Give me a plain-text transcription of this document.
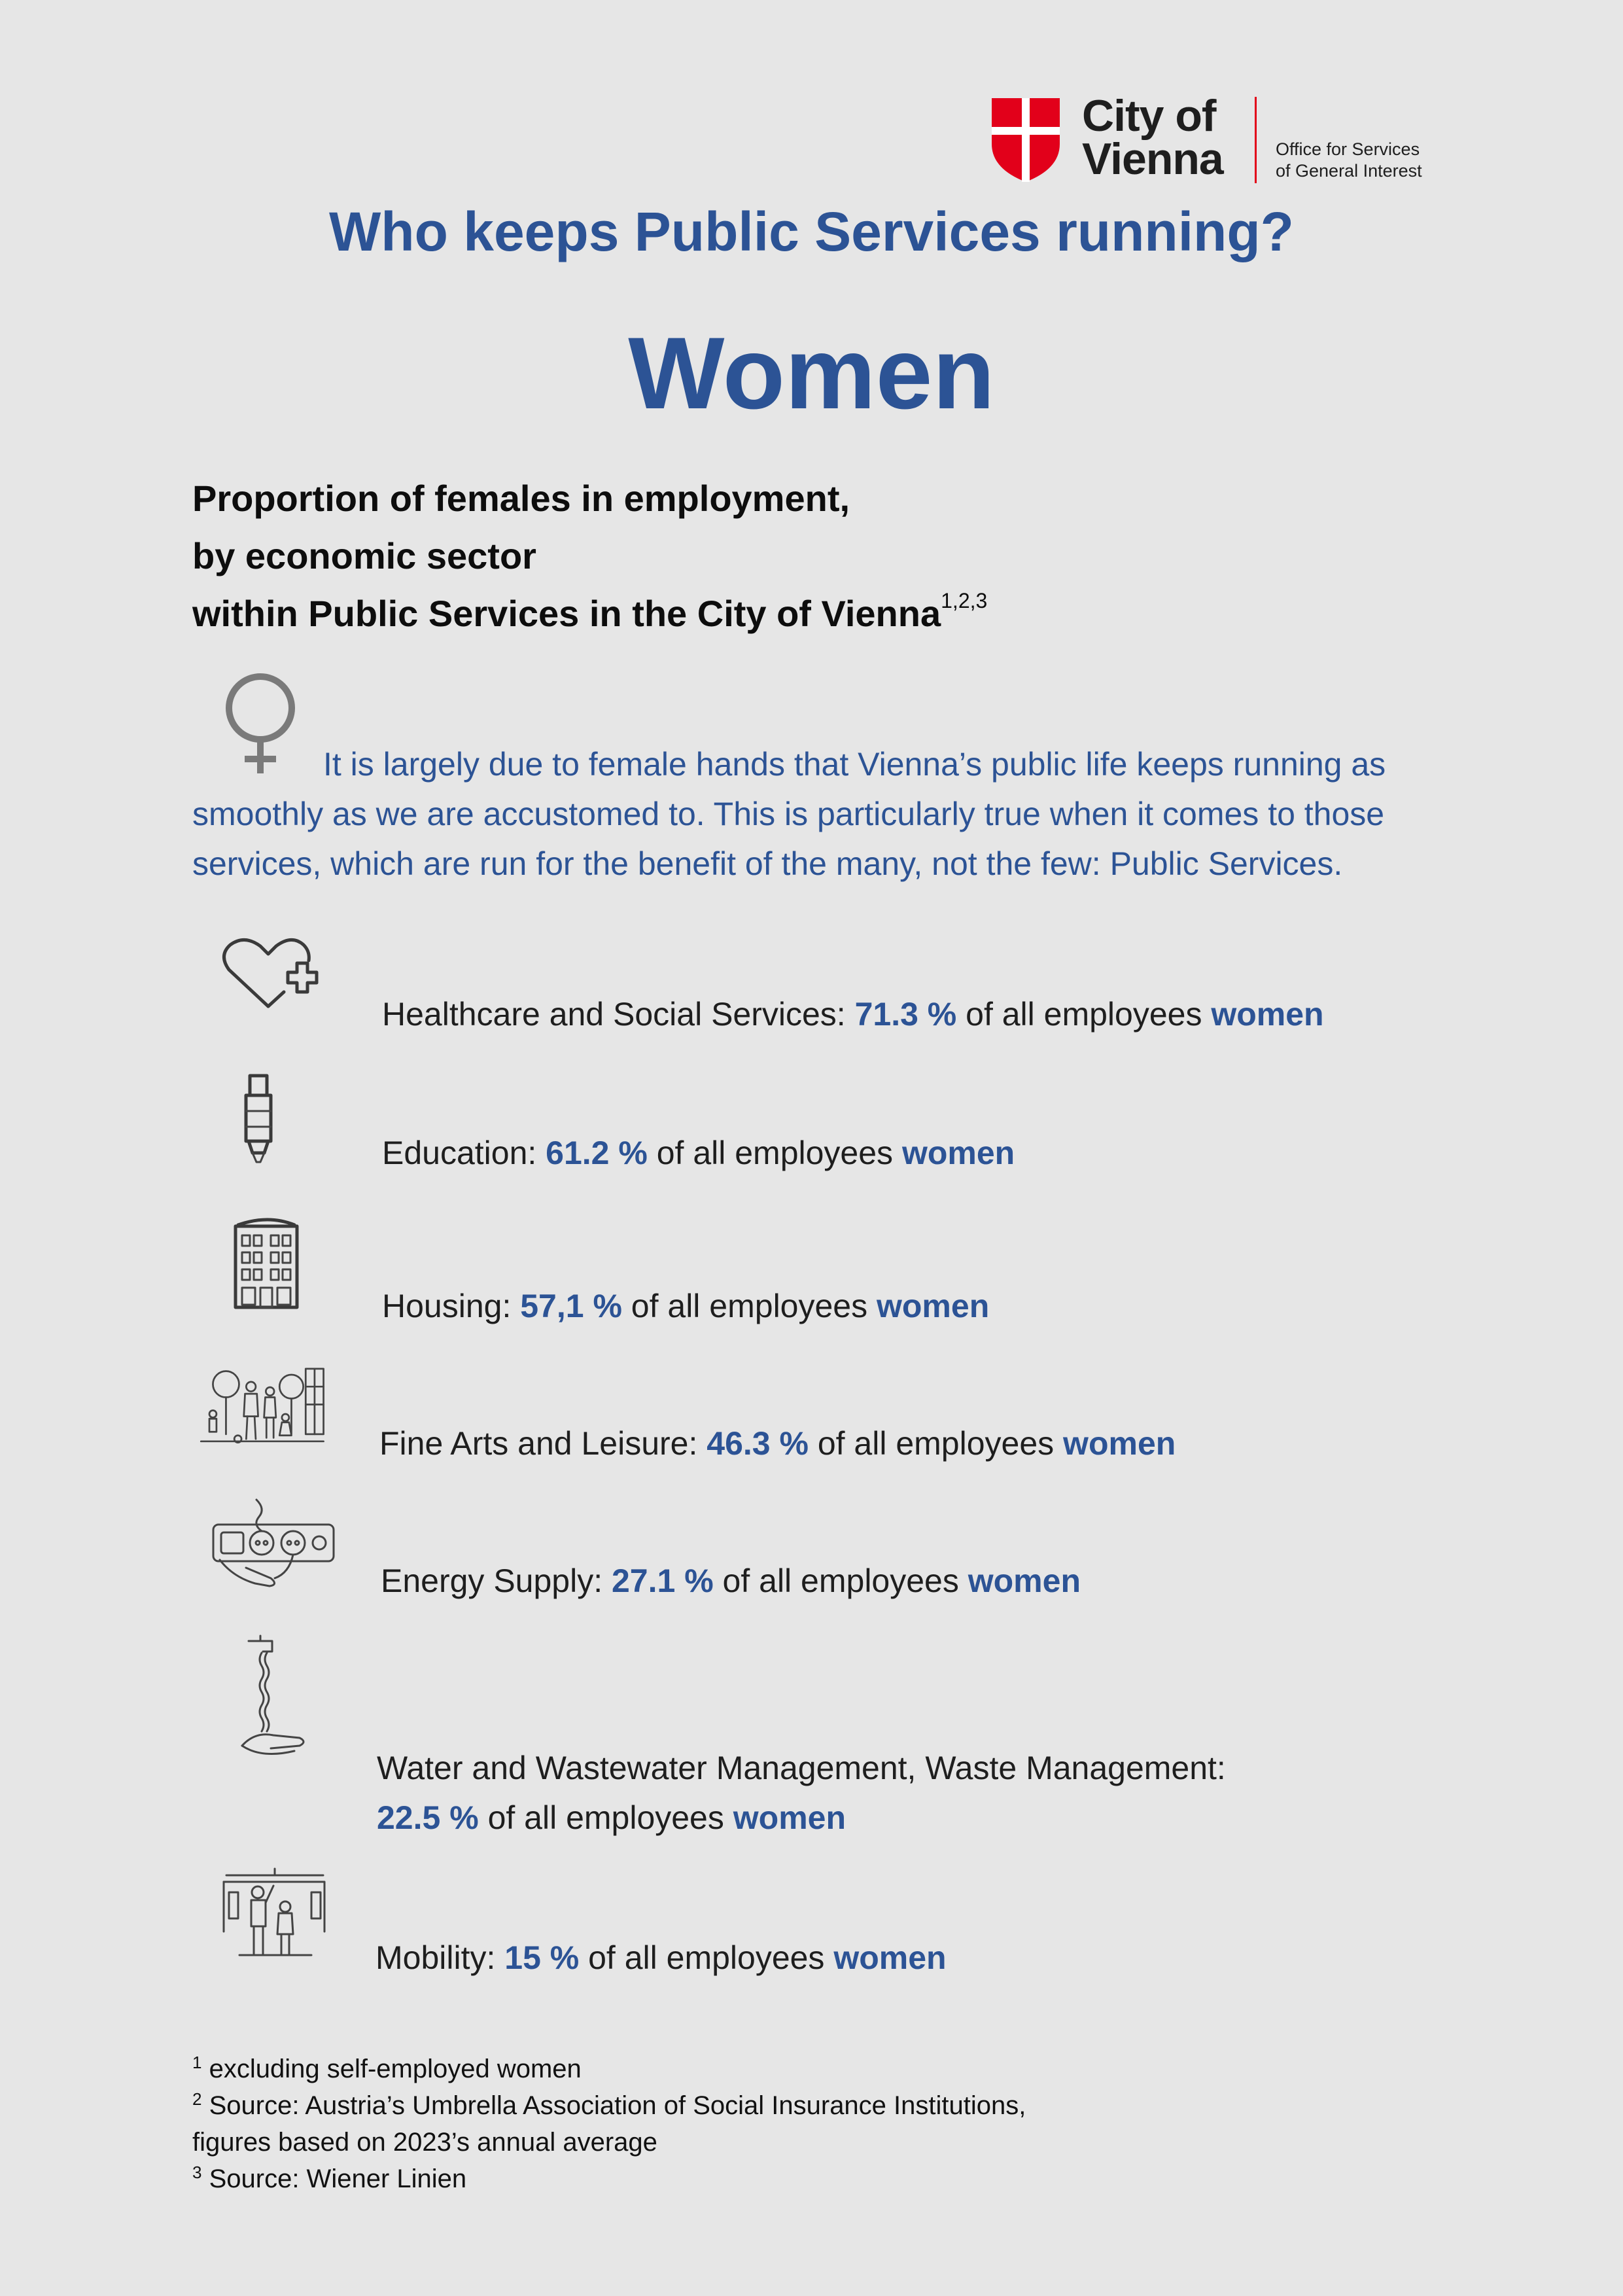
City of
Vienna	Office for Services
of General Interest
Who keeps Public Services running?
Women
Proportion of females in employment,
by economic sector
within Public Services in the City of Vienna$^{1,2,3}$
It is largely due to female hands that Vienna’s public life keeps running as smoothly as we are accustomed to. This is particularly true when it comes to those services, which are run for the benefit of the many, not the few: Public Services.
Healthcare and Social Services: 71.3 % of all employees women
Education: 61.2 % of all employees women
Housing: 57,1 % of all employees women
Fine Arts and Leisure: 46.3 % of all employees women
Energy Supply: 27.1 % of all employees women
Water and Wastewater Management, Waste Management:
22.5 % of all employees women
Mobility: 15 % of all employees women
$^1$ excluding self-employed women
$^2$ Source: Austria’s Umbrella Association of Social Insurance Institutions,
figures based on 2023’s annual average
$^3$ Source: Wiener Linien
